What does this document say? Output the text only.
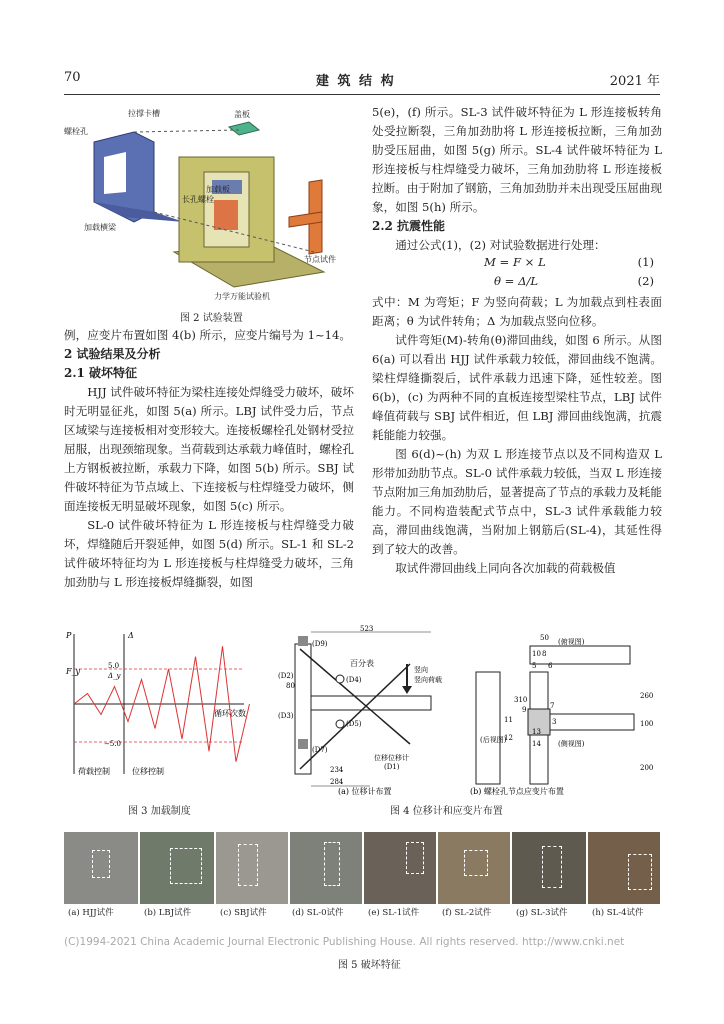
70	建 筑 结 构	2021 年
拉撑卡槽
螺栓孔
加载横梁
盖板
加载板
长孔螺栓
节点试件
力学万能试验机
图 2 试验装置

例，应变片布置如图 4(b) 所示，应变片编号为 1~14。

2 试验结果及分析

2.1 破坏特征

HJJ 试件破坏特征为梁柱连接处焊缝受力破坏，破坏时无明显征兆，如图 5(a) 所示。LBJ 试件受力后，节点区域梁与连接板相对变形较大。连接板螺栓孔处钢材受拉屈服，出现颈缩现象。当荷载到达承载力峰值时，螺栓孔上方钢板被拉断，承载力下降，如图 5(b) 所示。SBJ 试件破坏特征为节点域上、下连接板与柱焊缝受力破坏，侧面连接板无明显破坏现象，如图 5(c) 所示。

SL-0 试件破坏特征为 L 形连接板与柱焊缝受力破坏，焊缝随后开裂延伸，如图 5(d) 所示。SL-1 和 SL-2 试件破坏特征均为 L 形连接板与柱焊缝受力破坏，三角加劲肋与 L 形连接板焊缝撕裂，如图

5(e)，(f) 所示。SL-3 试件破坏特征为 L 形连接板转角处受拉断裂，三角加劲肋将 L 形连接板拉断，三角加劲肋受压屈曲，如图 5(g) 所示。SL-4 试件破坏特征为 L 形连接板与柱焊缝受力破坏，三角加劲肋将 L 形连接板拉断。由于附加了钢筋，三角加劲肋并未出现受压屈曲现象，如图 5(h) 所示。

2.2 抗震性能

通过公式(1)，(2) 对试验数据进行处理：

M = F × L	(1)
θ = Δ/L	(2)

式中：M 为弯矩；F 为竖向荷载；L 为加载点到柱表面距离；θ 为试件转角；Δ 为加载点竖向位移。

试件弯矩(M)-转角(θ)滞回曲线，如图 6 所示。从图 6(a) 可以看出 HJJ 试件承载力较低，滞回曲线不饱满。梁柱焊缝撕裂后，试件承载力迅速下降，延性较差。图 6(b)，(c) 为两种不同的直板连接型梁柱节点，LBJ 试件峰值荷载与 SBJ 试件相近，但 LBJ 滞回曲线饱满，抗震耗能能力较强。

图 6(d)~(h) 为双 L 形连接节点以及不同构造双 L 形带加劲肋节点。SL-0 试件承载力较低，当双 L 形连接节点附加三角加劲肋后，显著提高了节点的承载力及耗能能力。不同构造装配式节点中，SL-3 试件承载能力较高，滞回曲线饱满，当附加上钢筋后(SL-4)，其延性得到了较大的改善。

取试件滞回曲线上同向各次加载的荷载极值

P
F_y
Δ
5.0
Δ_y
−5.0
循环次数
荷载控制	位移控制
图 3 加载制度
523
234
284
80
(D9)
(D2)	(D4)
(D3)
(D5)
(D7)
百分表
位移位移计
(D1)
竖向
竖向荷载
(a) 位移计布置
50 (俯视图)
(后视图)	(侧视图)
310	260
200
100
9
11
12
13
14
7
3
10 8
6
5
(b) 螺栓孔节点应变片布置
图 4 位移计和应变片布置
(a) HJJ试件	(b) LBJ试件	(c) SBJ试件	(d) SL-0试件	(e) SL-1试件	(f) SL-2试件	(g) SL-3试件	(h) SL-4试件
(C)1994-2021 China Academic Journal Electronic Publishing House. All rights reserved. http://www.cnki.net
图 5 破坏特征
